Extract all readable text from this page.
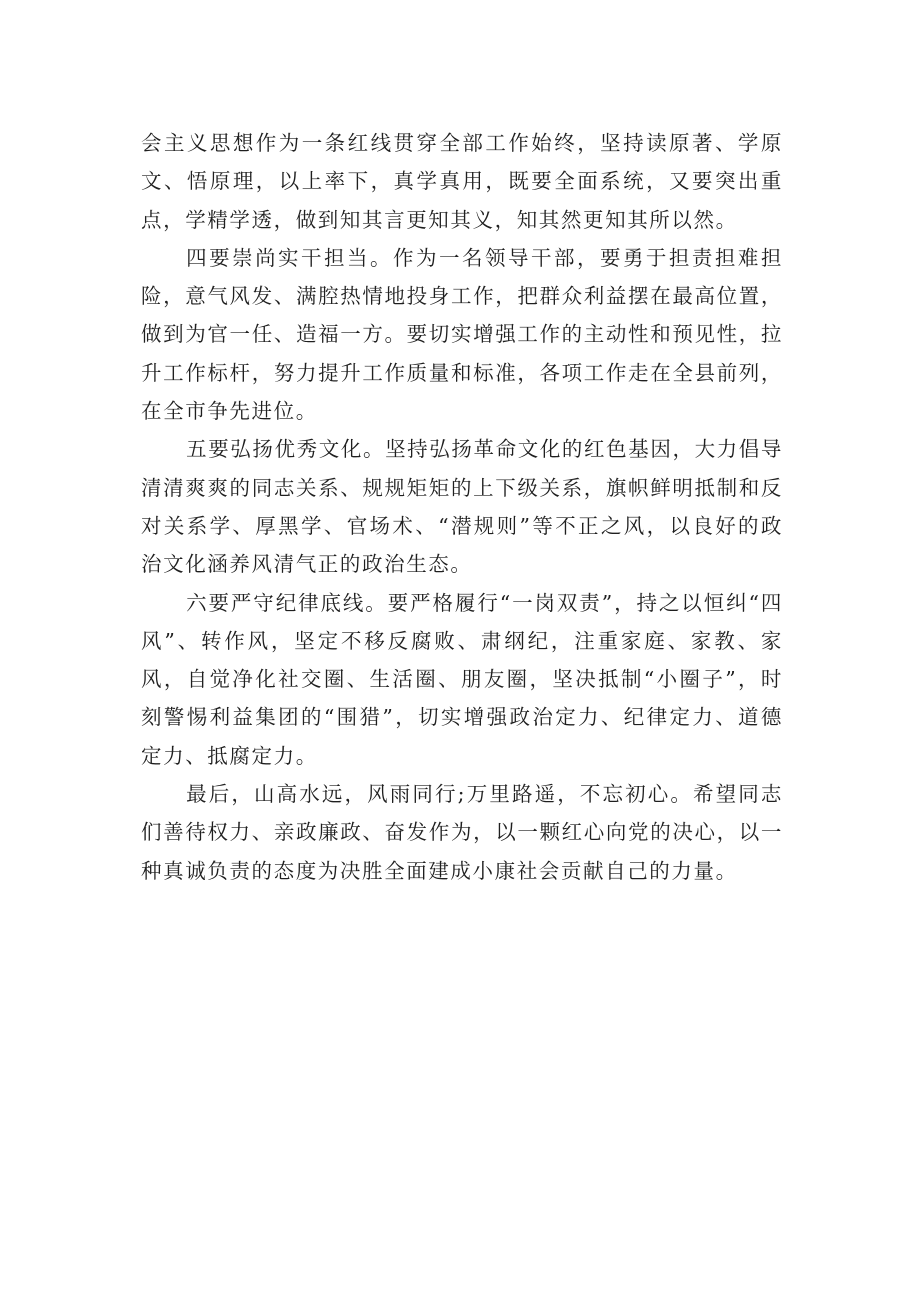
会主义思想作为一条红线贯穿全部工作始终，坚持读原著、学原文、悟原理，以上率下，真学真用，既要全面系统，又要突出重点，学精学透，做到知其言更知其义，知其然更知其所以然。

四要崇尚实干担当。作为一名领导干部，要勇于担责担难担险，意气风发、满腔热情地投身工作，把群众利益摆在最高位置，做到为官一任、造福一方。要切实增强工作的主动性和预见性，拉升工作标杆，努力提升工作质量和标准，各项工作走在全县前列，在全市争先进位。

五要弘扬优秀文化。坚持弘扬革命文化的红色基因，大力倡导清清爽爽的同志关系、规规矩矩的上下级关系，旗帜鲜明抵制和反对关系学、厚黑学、官场术、“潜规则”等不正之风，以良好的政治文化涵养风清气正的政治生态。

六要严守纪律底线。要严格履行“一岗双责”，持之以恒纠“四风”、转作风，坚定不移反腐败、肃纲纪，注重家庭、家教、家风，自觉净化社交圈、生活圈、朋友圈，坚决抵制“小圈子”，时刻警惕利益集团的“围猎”，切实增强政治定力、纪律定力、道德定力、抵腐定力。

最后，山高水远，风雨同行;万里路遥，不忘初心。希望同志们善待权力、亲政廉政、奋发作为，以一颗红心向党的决心，以一种真诚负责的态度为决胜全面建成小康社会贡献自己的力量。
